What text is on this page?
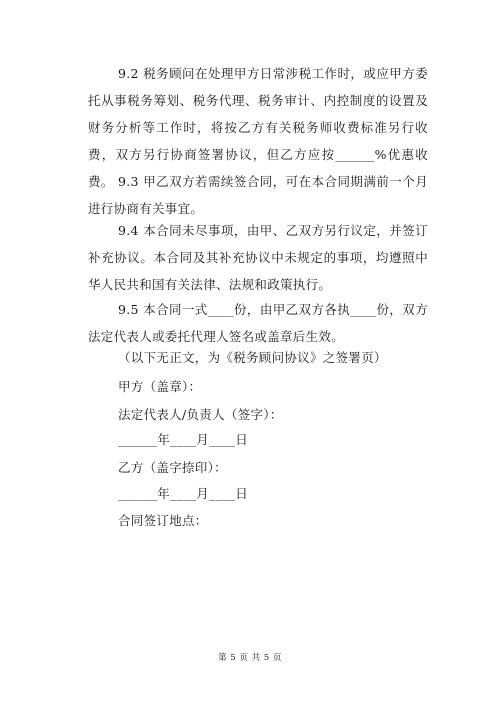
9.2 税务顾问在处理甲方日常涉税工作时，或应甲方委托从事税务筹划、税务代理、税务审计、内控制度的设置及财务分析等工作时，将按乙方有关税务师收费标准另行收费，双方另行协商签署协议，但乙方应按______%优惠收费。 9.3 甲乙双方若需续签合同，可在本合同期满前一个月进行协商有关事宜。

9.4 本合同未尽事项，由甲、乙双方另行议定，并签订补充协议。本合同及其补充协议中未规定的事项，均遵照中华人民共和国有关法律、法规和政策执行。

9.5 本合同一式____份，由甲乙双方各执____份，双方法定代表人或委托代理人签名或盖章后生效。

（以下无正文，为《税务顾问协议》之签署页）

甲方（盖章）：

法定代表人/负责人（签字）：

______年____月____日

乙方（盖字捺印）：

______年____月____日

合同签订地点：

第 5 页 共 5 页
